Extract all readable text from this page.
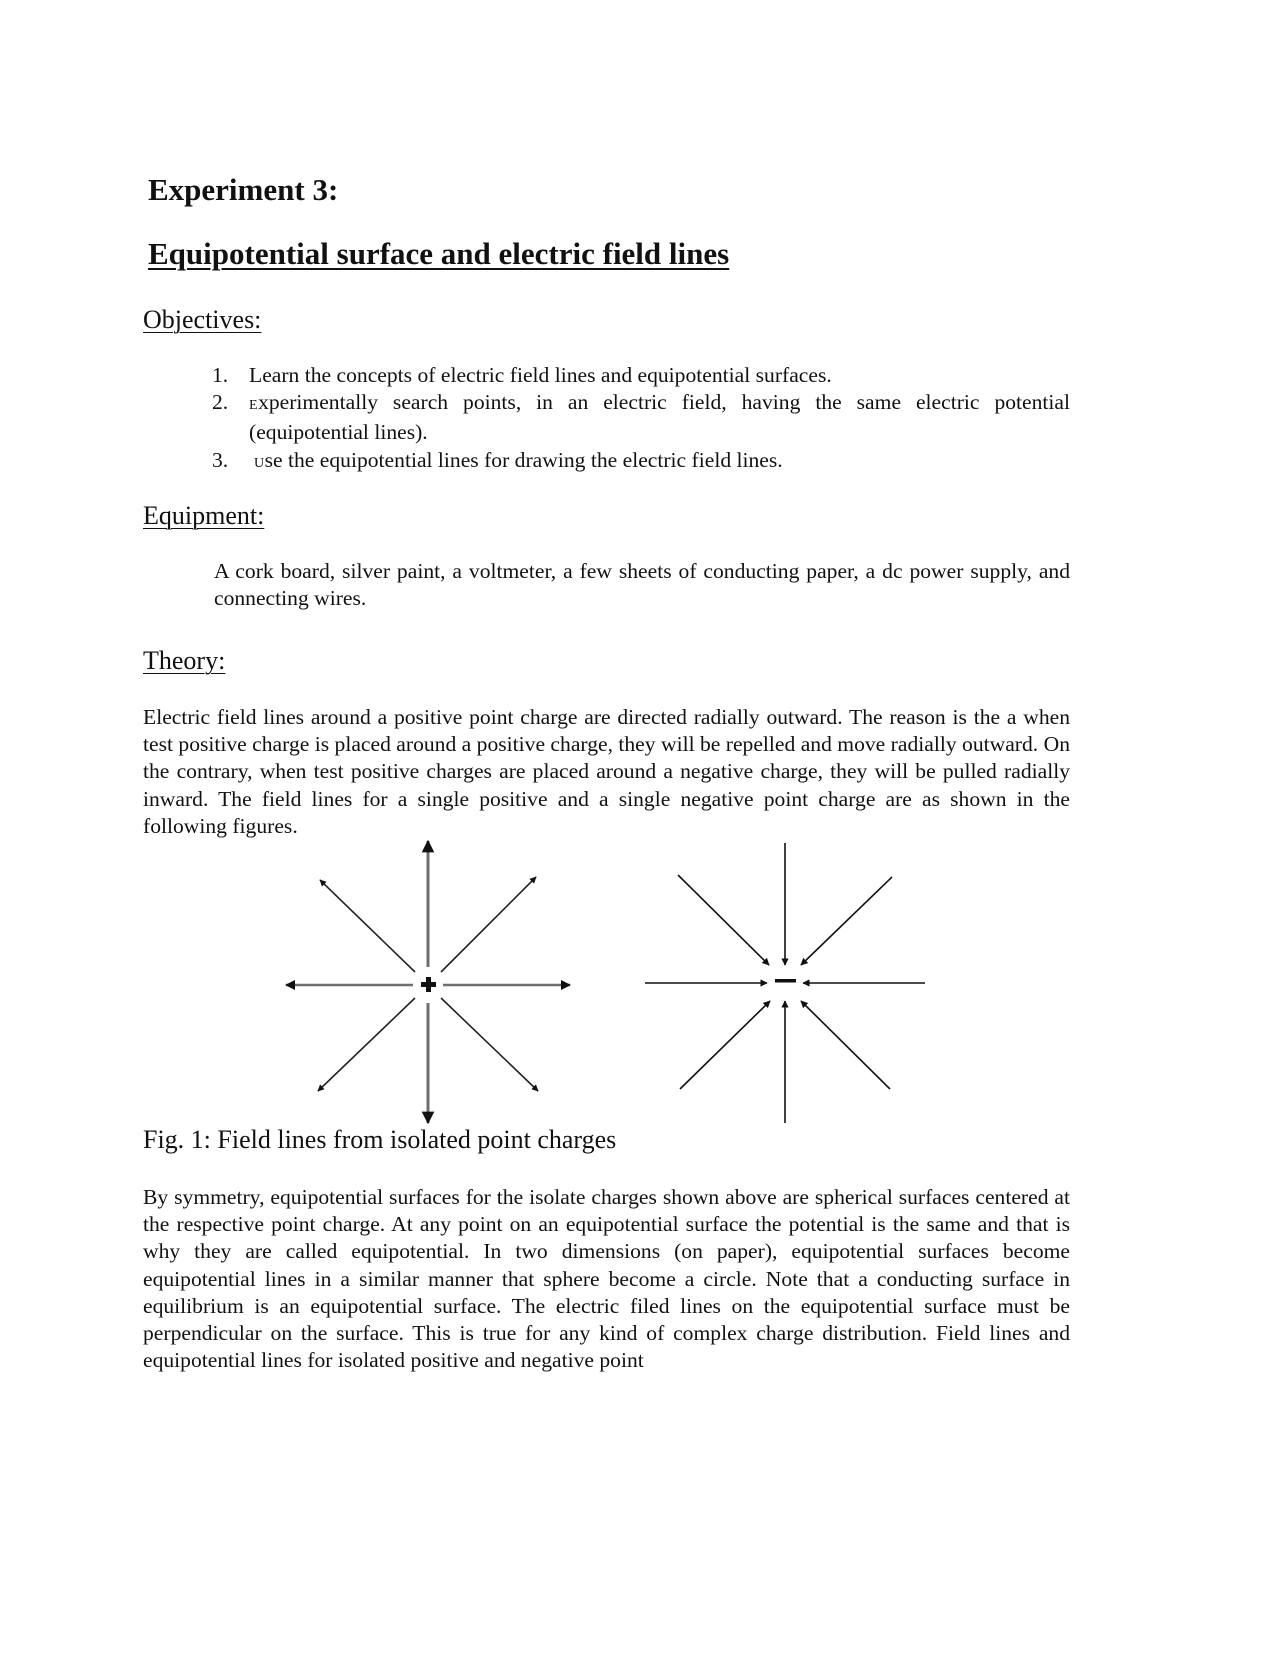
Experiment 3:
Equipotential surface and electric field lines
Objectives:
1. Learn the concepts of electric field lines and equipotential surfaces.
2.	Experimentally search points, in an electric field, having the same electric potential (equipotential lines).
3.	Use the equipotential lines for drawing the electric field lines.
Equipment:

A cork board, silver paint, a voltmeter, a few sheets of conducting paper, a dc power supply, and connecting wires.

Theory:

Electric field lines around a positive point charge are directed radially outward. The reason is the a when test positive charge is placed around a positive charge, they will be repelled and move radially outward. On the contrary, when test positive charges are placed around a negative charge, they will be pulled radially inward. The field lines for a single positive and a single negative point charge are as shown in the following figures.

Fig. 1: Field lines from isolated point charges

By symmetry, equipotential surfaces for the isolate charges shown above are spherical surfaces centered at the respective point charge. At any point on an equipotential surface the potential is the same and that is why they are called equipotential. In two dimensions (on paper), equipotential surfaces become equipotential lines in a similar manner that sphere become a circle. Note that a conducting surface in equilibrium is an equipotential surface. The electric filed lines on the equipotential surface must be perpendicular on the surface. This is true for any kind of complex charge distribution. Field lines and equipotential lines for isolated positive and negative point
